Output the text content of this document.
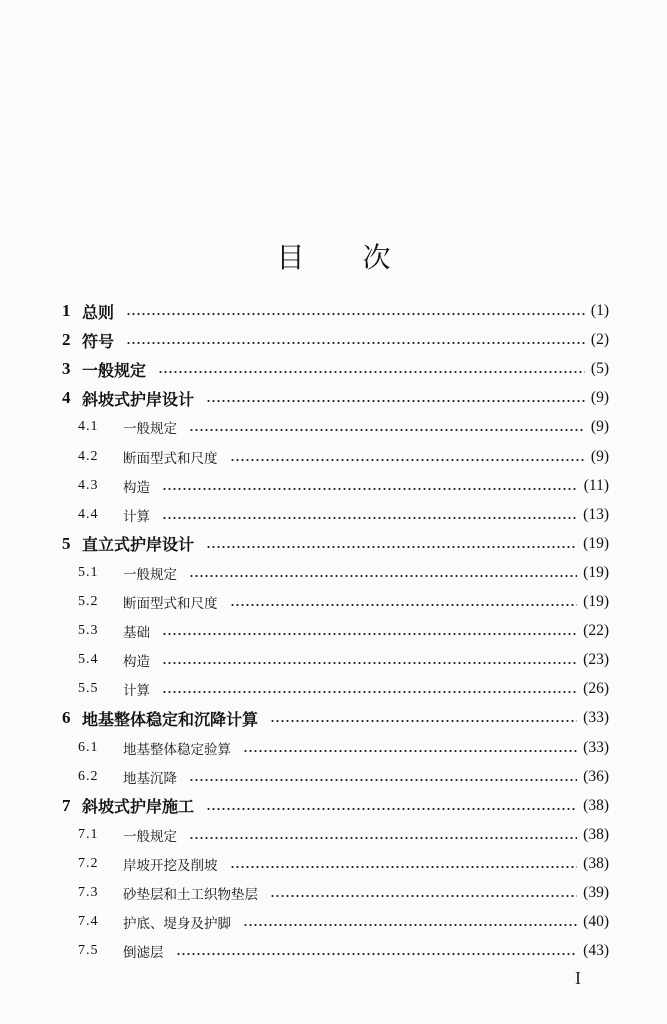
目 次
1 总则	(1)
2 符号	(2)
3 一般规定	(5)
4 斜坡式护岸设计	(9)
4.1	一般规定	(9)
4.2	断面型式和尺度	(9)
4.3	构造	(11)
4.4	计算	(13)
5 直立式护岸设计	(19)
5.1	一般规定	(19)
5.2	断面型式和尺度	(19)
5.3	基础	(22)
5.4	构造	(23)
5.5	计算	(26)
6 地基整体稳定和沉降计算	(33)
6.1	地基整体稳定验算	(33)
6.2	地基沉降	(36)
7 斜坡式护岸施工	(38)
7.1	一般规定	(38)
7.2	岸坡开挖及削坡	(38)
7.3	砂垫层和土工织物垫层	(39)
7.4	护底、堤身及护脚	(40)
7.5	倒滤层	(43)
I
